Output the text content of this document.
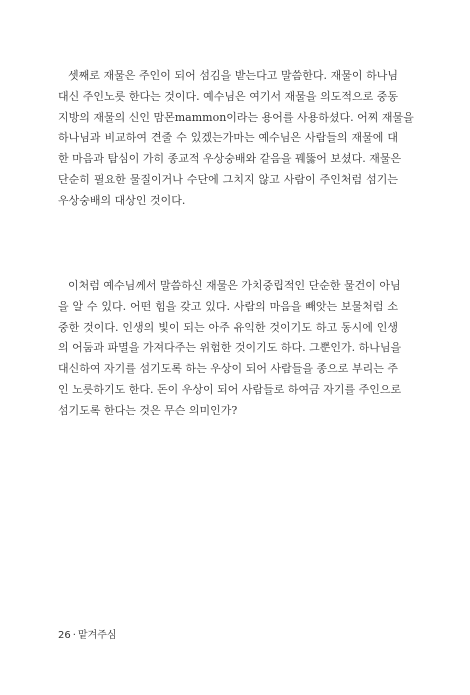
셋째로 재물은 주인이 되어 섬김을 받는다고 말씀한다. 재물이 하나님
대신 주인노릇 한다는 것이다. 예수님은 여기서 재물을 의도적으로 중동
지방의 재물의 신인 맘몬mammon이라는 용어를 사용하셨다. 어찌 재물을
하나님과 비교하여 견줄 수 있겠는가마는 예수님은 사람들의 재물에 대
한 마음과 탐심이 가히 종교적 우상숭배와 같음을 꿰뚫어 보셨다. 재물은
단순히 필요한 물질이거나 수단에 그치지 않고 사람이 주인처럼 섬기는
우상숭배의 대상인 것이다.
이처럼 예수님께서 말씀하신 재물은 가치중립적인 단순한 물건이 아님
을 알 수 있다. 어떤 힘을 갖고 있다. 사람의 마음을 빼앗는 보물처럼 소
중한 것이다. 인생의 빛이 되는 아주 유익한 것이기도 하고 동시에 인생
의 어둠과 파멸을 가져다주는 위험한 것이기도 하다. 그뿐인가. 하나님을
대신하여 자기를 섬기도록 하는 우상이 되어 사람들을 종으로 부리는 주
인 노릇하기도 한다. 돈이 우상이 되어 사람들로 하여금 자기를 주인으로
섬기도록 한다는 것은 무슨 의미인가?
26 · 맡겨주심
